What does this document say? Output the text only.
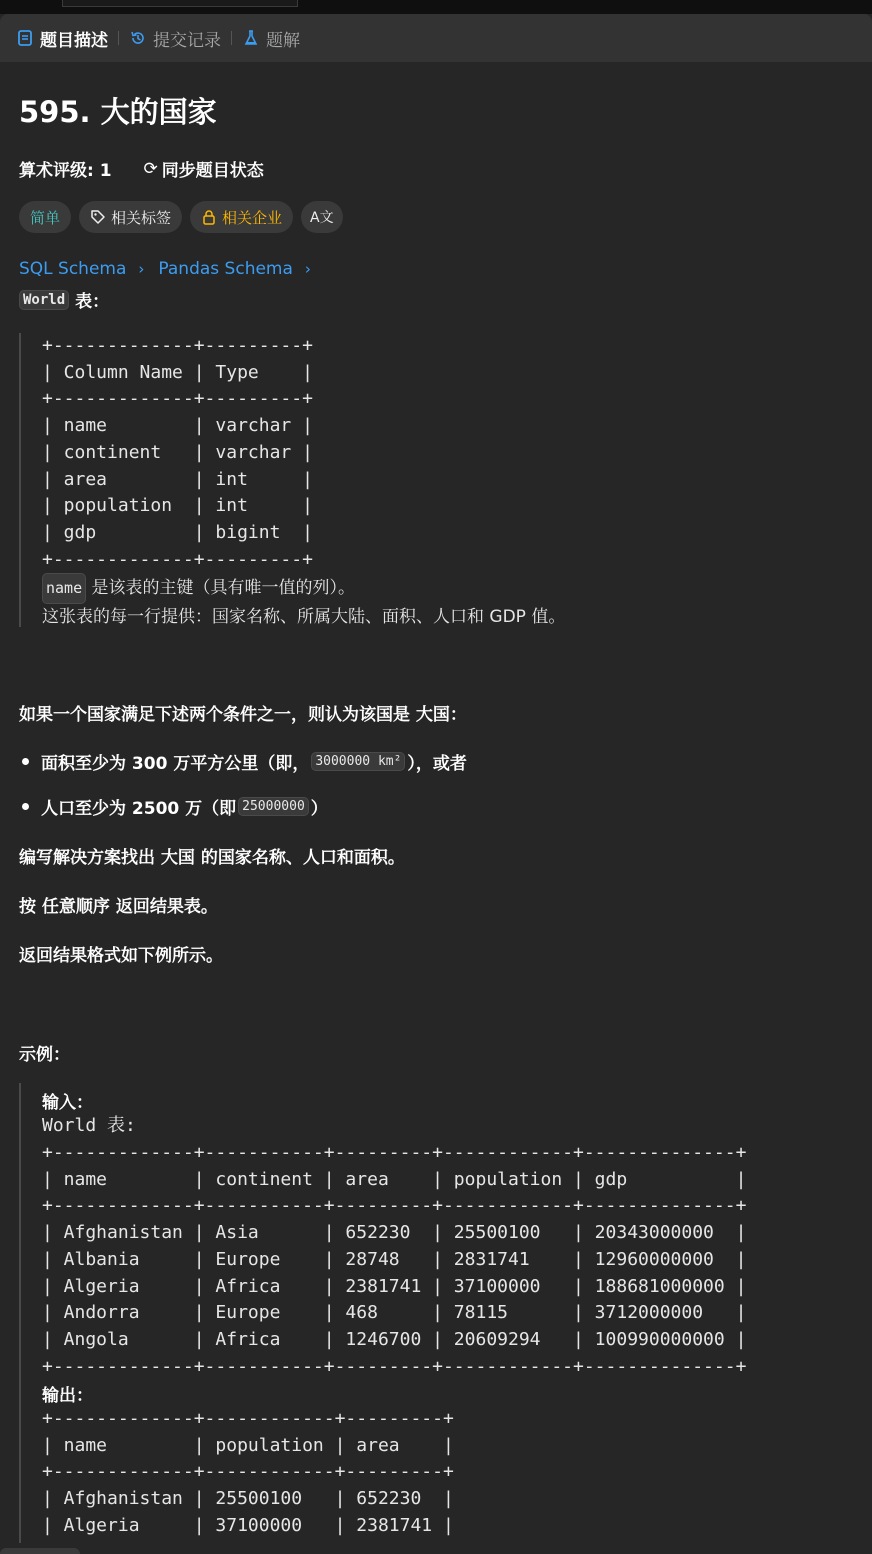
题目描述	提交记录	题解
595. 大的国家
算术评级: 1 ⟳ 同步题目状态
简单	相关标签	相关企业 A文
SQL Schema › Pandas Schema ›
World 表：
+-------------+---------+
| Column Name | Type    |
+-------------+---------+
| name        | varchar |
| continent   | varchar |
| area        | int     |
| population  | int     |
| gdp         | bigint  |
+-------------+---------+
name 是该表的主键（具有唯一值的列）。
这张表的每一行提供：国家名称、所属大陆、面积、人口和 GDP 值。
如果一个国家满足下述两个条件之一，则认为该国是 大国：
面积至少为 300 万平方公里（即， 3000000 km² ），或者
人口至少为 2500 万（即 25000000 ）
编写解决方案找出 大国 的国家名称、人口和面积。
按 任意顺序 返回结果表。
返回结果格式如下例所示。
示例：
输入：
World 表:
+-------------+-----------+---------+------------+--------------+
| name        | continent | area    | population | gdp          |
+-------------+-----------+---------+------------+--------------+
| Afghanistan | Asia      | 652230  | 25500100   | 20343000000  |
| Albania     | Europe    | 28748   | 2831741    | 12960000000  |
| Algeria     | Africa    | 2381741 | 37100000   | 188681000000 |
| Andorra     | Europe    | 468     | 78115      | 3712000000   |
| Angola      | Africa    | 1246700 | 20609294   | 100990000000 |
+-------------+-----------+---------+------------+--------------+
输出：
+-------------+------------+---------+
| name        | population | area    |
+-------------+------------+---------+
| Afghanistan | 25500100   | 652230  |
| Algeria     | 37100000   | 2381741 |
